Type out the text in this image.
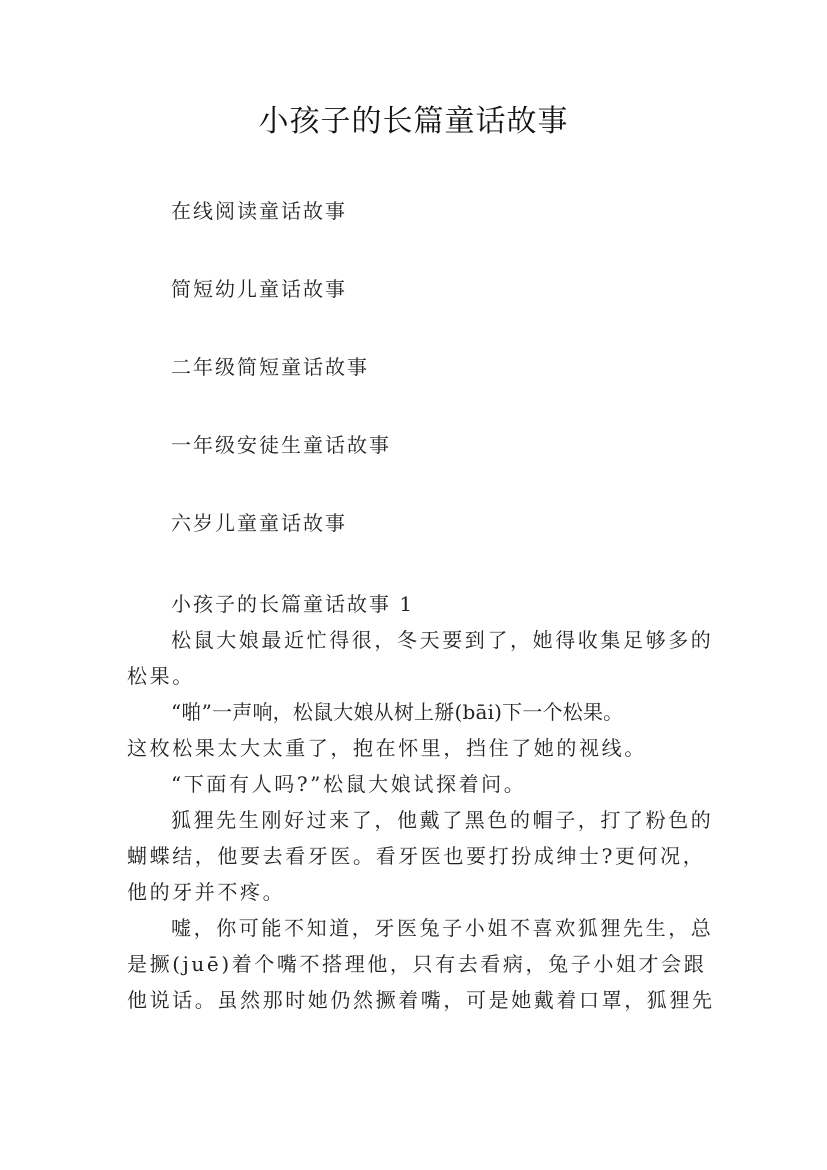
小孩子的长篇童话故事
在线阅读童话故事
简短幼儿童话故事
二年级简短童话故事
一年级安徒生童话故事
六岁儿童童话故事
小孩子的长篇童话故事 1

松鼠大娘最近忙得很，冬天要到了，她得收集足够多的
松果。

“啪”一声响，松鼠大娘从树上掰(bāi)下一个松果。
这枚松果太大太重了，抱在怀里，挡住了她的视线。

“下面有人吗?”松鼠大娘试探着问。

狐狸先生刚好过来了，他戴了黑色的帽子，打了粉色的
蝴蝶结，他要去看牙医。看牙医也要打扮成绅士?更何况，
他的牙并不疼。

嘘，你可能不知道，牙医兔子小姐不喜欢狐狸先生，总
是撅(juē)着个嘴不搭理他，只有去看病，兔子小姐才会跟
他说话。虽然那时她仍然撅着嘴，可是她戴着口罩，狐狸先
